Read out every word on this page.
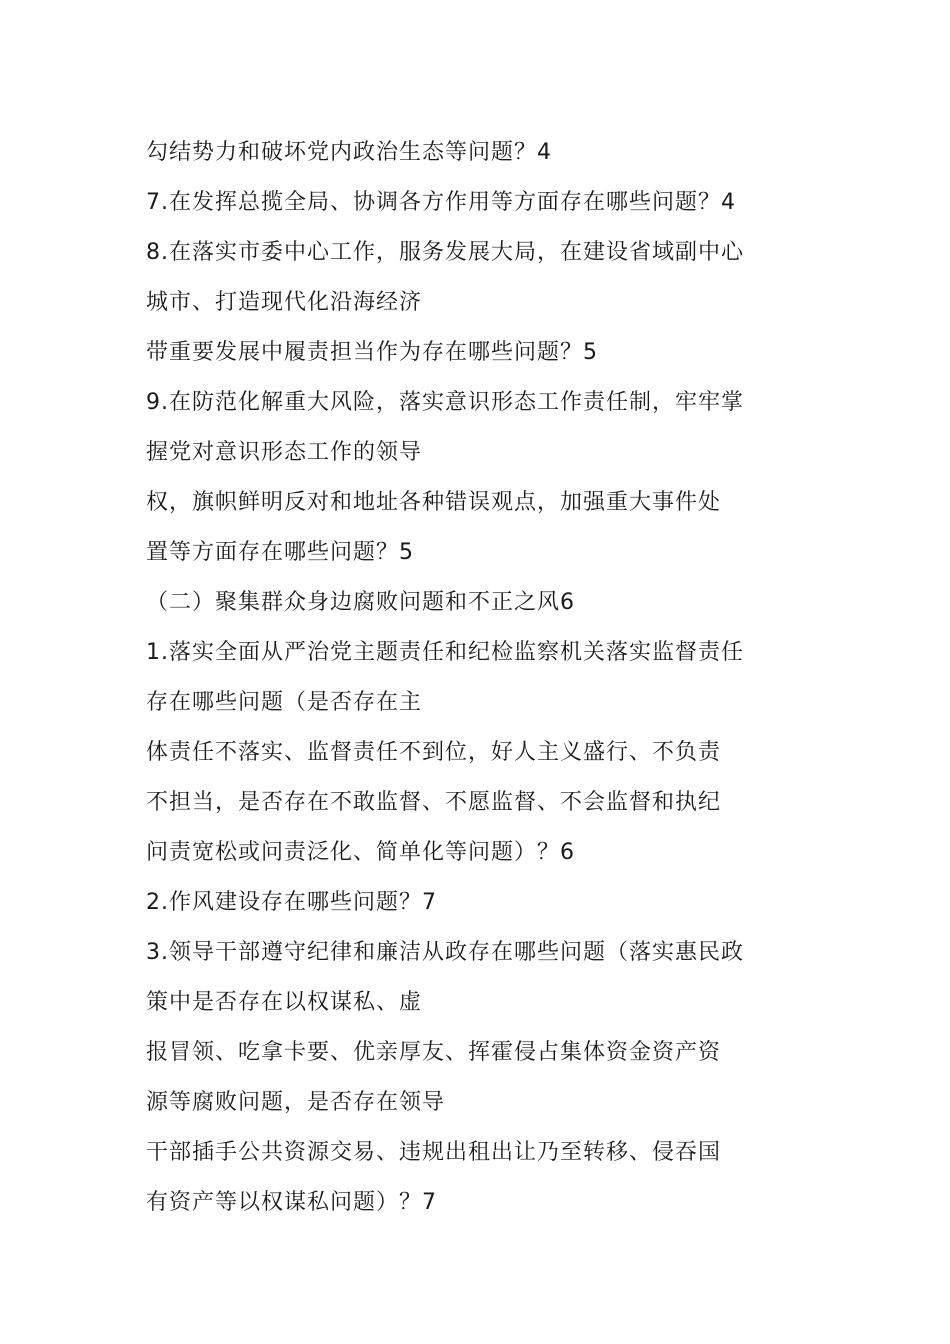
勾结势力和破坏党内政治生态等问题？4
7.在发挥总揽全局、协调各方作用等方面存在哪些问题？4
8.在落实市委中心工作，服务发展大局，在建设省域副中心
城市、打造现代化沿海经济
带重要发展中履责担当作为存在哪些问题？5
9.在防范化解重大风险，落实意识形态工作责任制，牢牢掌
握党对意识形态工作的领导
权，旗帜鲜明反对和地址各种错误观点，加强重大事件处
置等方面存在哪些问题？5
（二）聚集群众身边腐败问题和不正之风6
1.落实全面从严治党主题责任和纪检监察机关落实监督责任
存在哪些问题（是否存在主
体责任不落实、监督责任不到位，好人主义盛行、不负责
不担当，是否存在不敢监督、不愿监督、不会监督和执纪
问责宽松或问责泛化、简单化等问题）？6
2.作风建设存在哪些问题？7
3.领导干部遵守纪律和廉洁从政存在哪些问题（落实惠民政
策中是否存在以权谋私、虚
报冒领、吃拿卡要、优亲厚友、挥霍侵占集体资金资产资
源等腐败问题，是否存在领导
干部插手公共资源交易、违规出租出让乃至转移、侵吞国
有资产等以权谋私问题）？7
